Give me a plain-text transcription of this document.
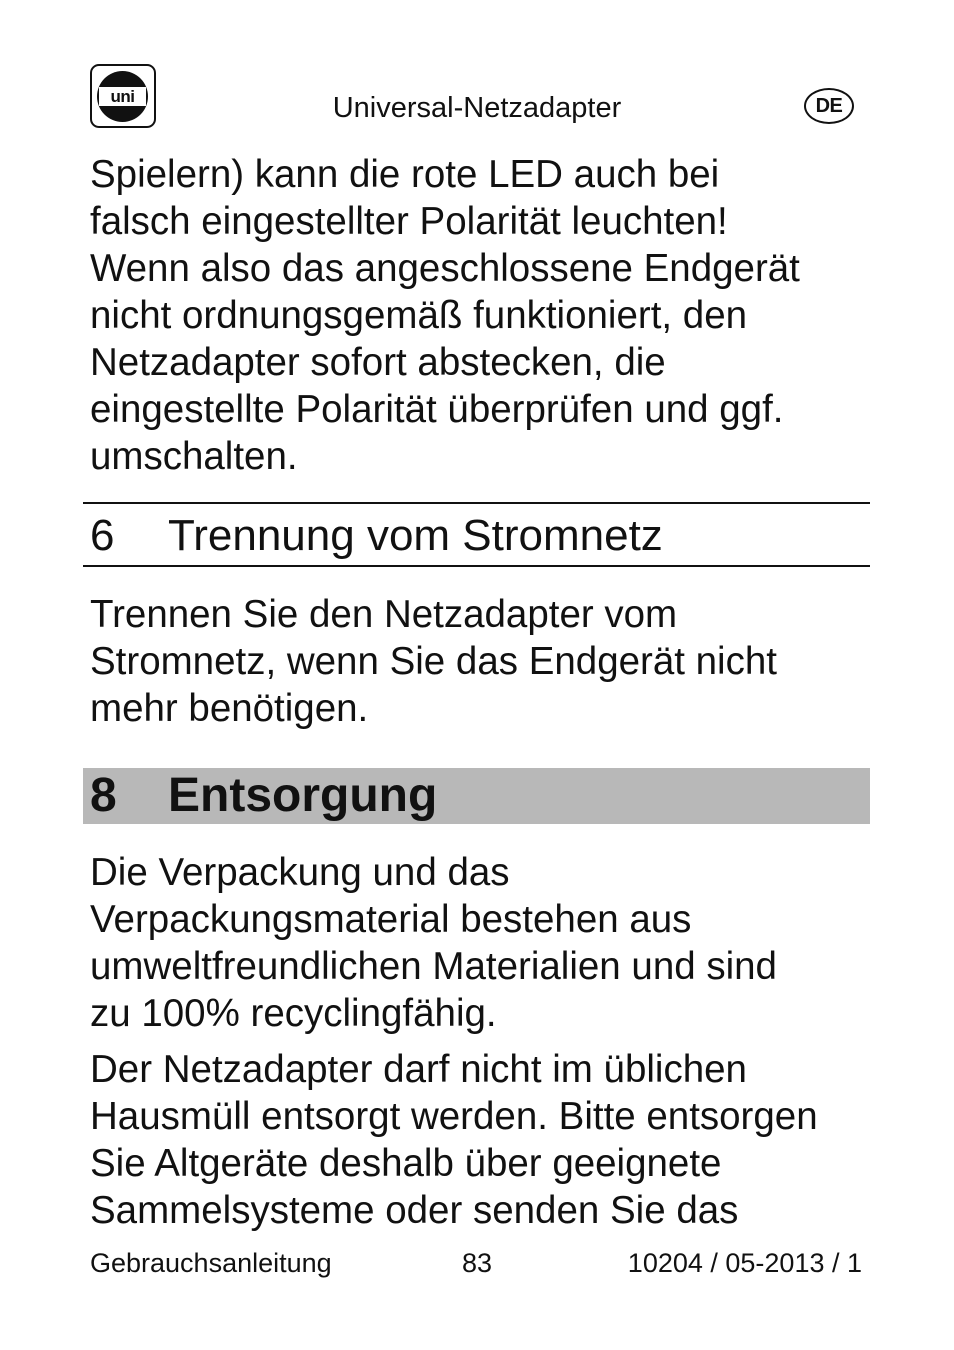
uni	Universal-Netzadapter	DE

Spielern) kann die rote LED auch bei
falsch eingestellter Polarität leuchten!
Wenn also das angeschlossene Endgerät
nicht ordnungsgemäß funktioniert, den
Netzadapter sofort abstecken, die
eingestellte Polarität überprüfen und ggf.
umschalten.

6 Trennung vom Stromnetz

Trennen Sie den Netzadapter vom
Stromnetz, wenn Sie das Endgerät nicht
mehr benötigen.

8 Entsorgung

Die Verpackung und das
Verpackungsmaterial bestehen aus
umweltfreundlichen Materialien und sind
zu 100% recyclingfähig.

Der Netzadapter darf nicht im üblichen
Hausmüll entsorgt werden. Bitte entsorgen
Sie Altgeräte deshalb über geeignete
Sammelsysteme oder senden Sie das

Gebrauchsanleitung	83	10204 / 05-2013 / 1
